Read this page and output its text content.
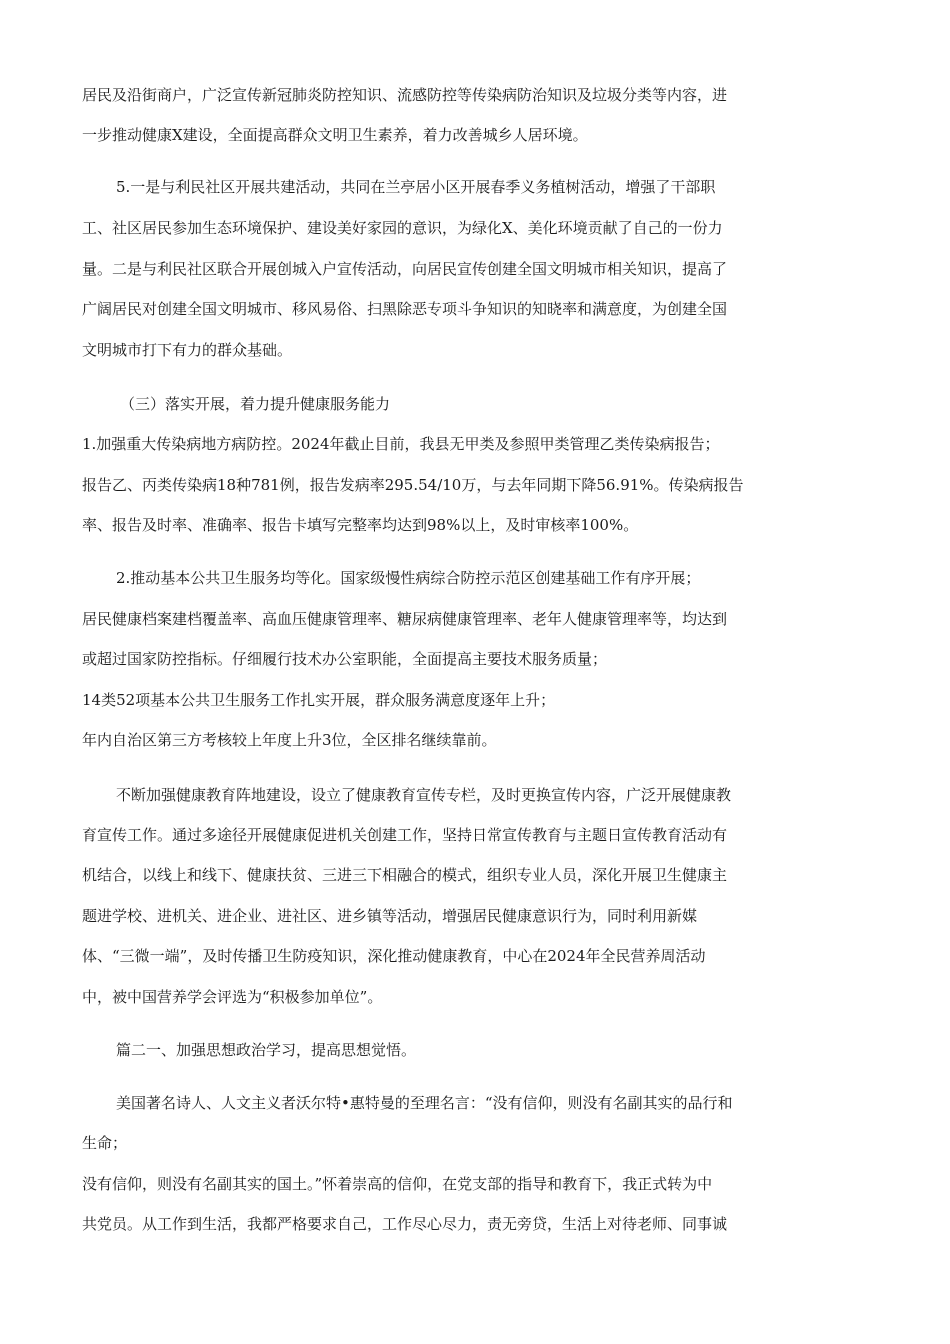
居民及沿街商户，广泛宣传新冠肺炎防控知识、流感防控等传染病防治知识及垃圾分类等内容，进
一步推动健康X建设，全面提高群众文明卫生素养，着力改善城乡人居环境。
5.一是与利民社区开展共建活动，共同在兰亭居小区开展春季义务植树活动，增强了干部职
工、社区居民参加生态环境保护、建设美好家园的意识，为绿化X、美化环境贡献了自己的一份力
量。二是与利民社区联合开展创城入户宣传活动，向居民宣传创建全国文明城市相关知识，提高了
广阔居民对创建全国文明城市、移风易俗、扫黑除恶专项斗争知识的知晓率和满意度，为创建全国
文明城市打下有力的群众基础。
（三）落实开展，着力提升健康服务能力
1.加强重大传染病地方病防控。2024年截止目前，我县无甲类及参照甲类管理乙类传染病报告；
报告乙、丙类传染病18种781例，报告发病率295.54/10万，与去年同期下降56.91%。传染病报告
率、报告及时率、准确率、报告卡填写完整率均达到98%以上，及时审核率100%。
2.推动基本公共卫生服务均等化。国家级慢性病综合防控示范区创建基础工作有序开展；
居民健康档案建档覆盖率、高血压健康管理率、糖尿病健康管理率、老年人健康管理率等，均达到
或超过国家防控指标。仔细履行技术办公室职能，全面提高主要技术服务质量；
14类52项基本公共卫生服务工作扎实开展，群众服务满意度逐年上升；
年内自治区第三方考核较上年度上升3位，全区排名继续靠前。
不断加强健康教育阵地建设，设立了健康教育宣传专栏，及时更换宣传内容，广泛开展健康教
育宣传工作。通过多途径开展健康促进机关创建工作，坚持日常宣传教育与主题日宣传教育活动有
机结合，以线上和线下、健康扶贫、三进三下相融合的模式，组织专业人员，深化开展卫生健康主
题进学校、进机关、进企业、进社区、进乡镇等活动，增强居民健康意识行为，同时利用新媒
体、“三微一端”，及时传播卫生防疫知识，深化推动健康教育，中心在2024年全民营养周活动
中，被中国营养学会评选为“积极参加单位”。
篇二一、加强思想政治学习，提高思想觉悟。
美国著名诗人、人文主义者沃尔特•惠特曼的至理名言：“没有信仰，则没有名副其实的品行和
生命；
没有信仰，则没有名副其实的国土。”怀着崇高的信仰，在党支部的指导和教育下，我正式转为中
共党员。从工作到生活，我都严格要求自己，工作尽心尽力，责无旁贷，生活上对待老师、同事诚
